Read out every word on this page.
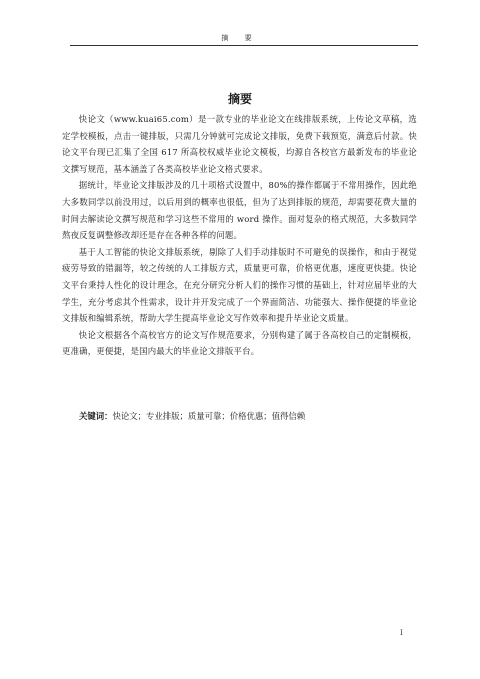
摘 要
摘要

快论文（www.kuai65.com）是一款专业的毕业论文在线排版系统，上传论文草稿，选定学校模板，点击一键排版，只需几分钟就可完成论文排版，免费下载预览，满意后付款。快论文平台现已汇集了全国 617 所高校权威毕业论文模板，均源自各校官方最新发布的毕业论文撰写规范，基本涵盖了各类高校毕业论文格式要求。

据统计，毕业论文排版涉及的几十项格式设置中，80%的操作都属于不常用操作，因此绝大多数同学以前没用过，以后用到的概率也很低，但为了达到排版的规范，却需要花费大量的时间去解读论文撰写规范和学习这些不常用的 word 操作。面对复杂的格式规范，大多数同学熬夜反复调整修改却还是存在各种各样的问题。

基于人工智能的快论文排版系统，剔除了人们手动排版时不可避免的误操作，和由于视觉疲劳导致的错漏等，较之传统的人工排版方式，质量更可靠，价格更优惠，速度更快捷。快论文平台秉持人性化的设计理念，在充分研究分析人们的操作习惯的基础上，针对应届毕业的大学生，充分考虑其个性需求，设计并开发完成了一个界面简洁、功能强大、操作便捷的毕业论文排版和编辑系统，帮助大学生提高毕业论文写作效率和提升毕业论文质量。

快论文根据各个高校官方的论文写作规范要求，分别构建了属于各高校自己的定制模板，更准确，更便捷，是国内最大的毕业论文排版平台。

关键词：快论文；专业排版；质量可靠；价格优惠；值得信赖
I
